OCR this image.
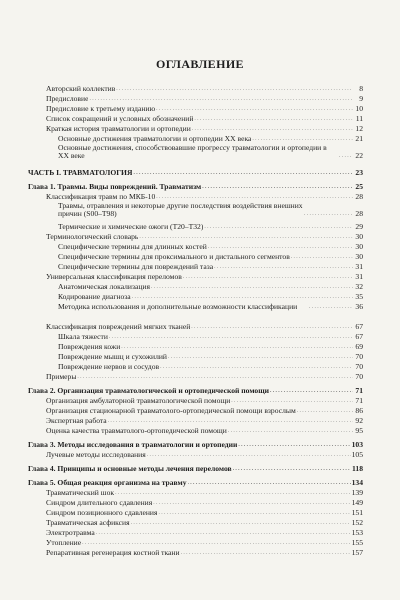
ОГЛАВЛЕНИЕ
Авторский коллектив . . .	8
Предисловие . . .	9
Предисловие к третьему изданию . . .	10
Список сокращений и условных обозначений . . .	11
Краткая история травматологии и ортопедии . . .	12
Основные достижения травматологии и ортопедии ХХ века . . .	21
Основные достижения, способствовавшие прогрессу травматологии и ортопедии в ХХ веке . . .	22
ЧАСТЬ I. ТРАВМАТОЛОГИЯ . . .	23
Глава 1. Травмы. Виды повреждений. Травматизм . . .	25
Классификация травм по МКБ-10 . . .	28
Травмы, отравления и некоторые другие последствия воздействия внешних причин (S00–T98) . . .	28
Термические и химические ожоги (T20–T32) . . .	29
Терминологический словарь . . .	30
Специфические термины для длинных костей . . .	30
Специфические термины для проксимального и дистального сегментов . . .	30
Специфические термины для повреждений таза . . .	31
Универсальная классификация переломов . . .	31
Анатомическая локализация . . .	32
Кодирование диагноза . . .	35
Методика использования и дополнительные возможности классификации . . .	36
Классификация повреждений мягких тканей . . .	67
Шкала тяжести . . .	67
Повреждения кожи . . .	69
Повреждение мышц и сухожилий . . .	70
Повреждение нервов и сосудов . . .	70
Примеры . . .	70
Глава 2. Организация травматологической и ортопедической помощи . . .	71
Организация амбулаторной травматологической помощи . . .	71
Организация стационарной травматолого-ортопедической помощи взрослым . . .	86
Экспертная работа . . .	92
Оценка качества травматолого-ортопедической помощи . . .	95
Глава 3. Методы исследования в травматологии и ортопедии . . .	103
Лучевые методы исследования . . .	105
Глава 4. Принципы и основные методы лечения переломов . . .	118
Глава 5. Общая реакция организма на травму . . .	134
Травматический шок . . .	139
Синдром длительного сдавления . . .	149
Синдром позиционного сдавления . . .	151
Травматическая асфиксия . . .	152
Электротравма . . .	153
Утопление . . .	155
Репаративная регенерация костной ткани . . .	157
